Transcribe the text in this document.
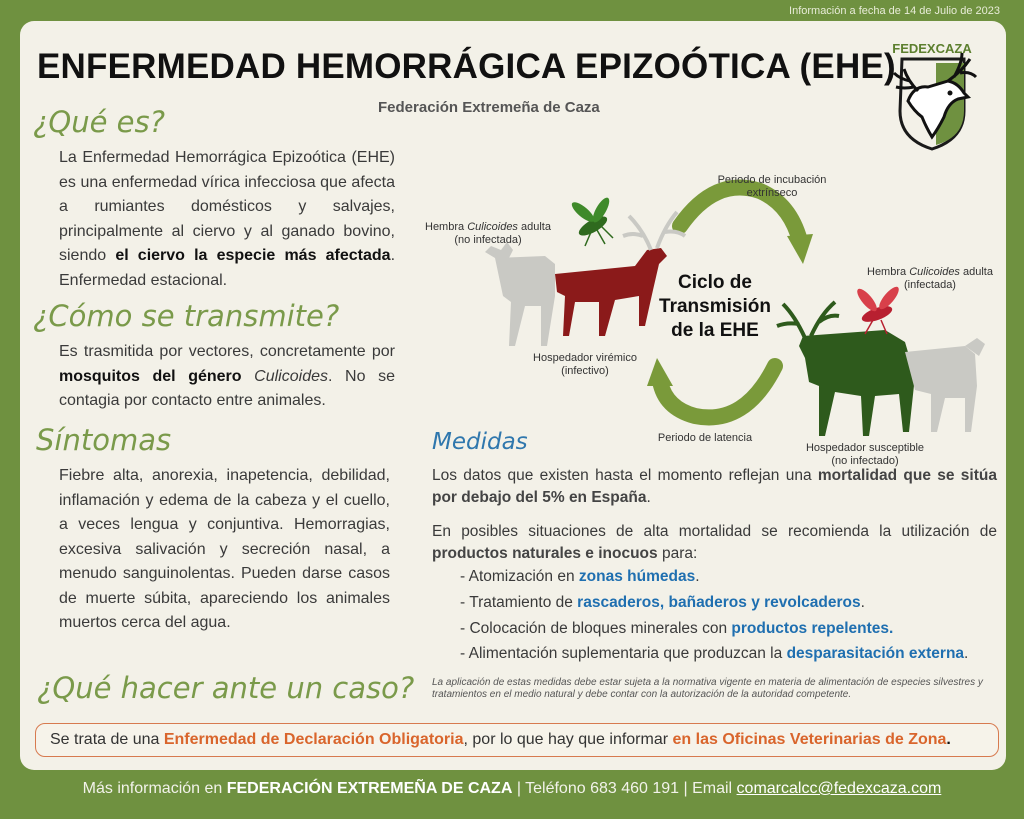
Información a fecha de 14 de Julio de 2023
ENFERMEDAD HEMORRÁGICA EPIZOÓTICA (EHE)
Federación Extremeña de Caza
FEDEXCAZA
¿Qué es?

La Enfermedad Hemorrágica Epizoótica (EHE) es una enfermedad vírica infecciosa que afecta a rumiantes domésticos y salvajes, principalmente al ciervo y al ganado bovino, siendo el ciervo la especie más afectada. Enfermedad estacional.

¿Cómo se transmite?

Es trasmitida por vectores, concretamente por mosquitos del género Culicoides. No se contagia por contacto entre animales.

Síntomas

Fiebre alta, anorexia, inapetencia, debilidad, inflamación y edema de la cabeza y el cuello, a veces lengua y conjuntiva. Hemorragias, excesiva salivación y secreción nasal, a menudo sanguinolentas. Pueden darse casos de muerte súbita, apareciendo los animales muertos cerca del agua.

¿Qué hacer ante un caso?
Ciclo de
Transmisión
de la EHE
Periodo de incubación
extrínseco
Hembra Culicoides adulta
(no infectada)
Hembra Culicoides adulta
(infectada)
Hospedador virémico
(infectivo)
Periodo de latencia
Hospedador susceptible
(no infectado)
Medidas

Los datos que existen hasta el momento reflejan una mortalidad que se sitúa por debajo del 5% en España.

En posibles situaciones de alta mortalidad se recomienda la utilización de productos naturales e inocuos para:

- Atomización en zonas húmedas.
- Tratamiento de rascaderos, bañaderos y revolcaderos.
- Colocación de bloques minerales con productos repelentes.
- Alimentación suplementaria que produzcan la desparasitación externa.

La aplicación de estas medidas debe estar sujeta a la normativa vigente en materia de alimentación de especies silvestres y tratamientos en el medio natural y debe contar con la autorización de la autoridad competente.

Se trata de una Enfermedad de Declaración Obligatoria, por lo que hay que informar en las Oficinas Veterinarias de Zona.
Más información en FEDERACIÓN EXTREMEÑA DE CAZA | Teléfono 683 460 191 | Email comarcalcc@fedexcaza.com
